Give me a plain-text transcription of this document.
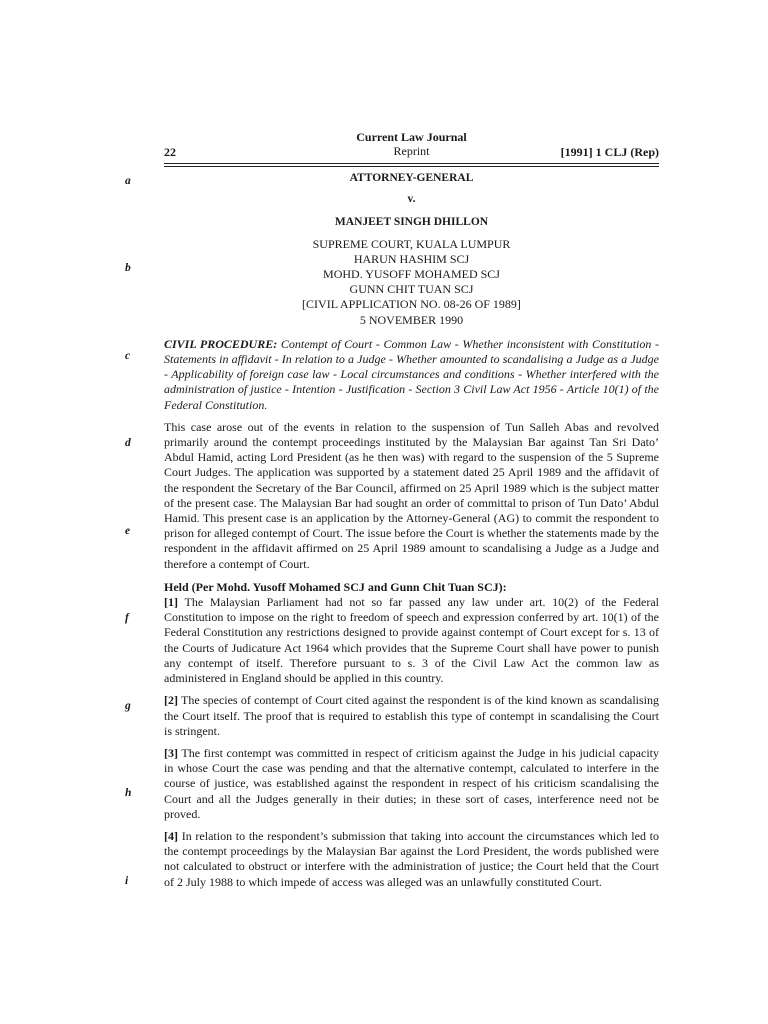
Current Law Journal
Reprint
22	[1991] 1 CLJ (Rep)
a
b
c
d
e
f
g
h
i
ATTORNEY-GENERAL
v.
MANJEET SINGH DHILLON
SUPREME COURT, KUALA LUMPUR
HARUN HASHIM SCJ
MOHD. YUSOFF MOHAMED SCJ
GUNN CHIT TUAN SCJ
[CIVIL APPLICATION NO. 08-26 OF 1989]
5 NOVEMBER 1990
CIVIL PROCEDURE: Contempt of Court - Common Law - Whether inconsistent with Constitution - Statements in affidavit - In relation to a Judge - Whether amounted to scandalising a Judge as a Judge - Applicability of foreign case law - Local circumstances and conditions - Whether interfered with the administration of justice - Intention - Justification - Section 3 Civil Law Act 1956 - Article 10(1) of the Federal Constitution.

This case arose out of the events in relation to the suspension of Tun Salleh Abas and revolved primarily around the contempt proceedings instituted by the Malaysian Bar against Tan Sri Dato’ Abdul Hamid, acting Lord President (as he then was) with regard to the suspension of the 5 Supreme Court Judges. The application was supported by a statement dated 25 April 1989 and the affidavit of the respondent the Secretary of the Bar Council, affirmed on 25 April 1989 which is the subject matter of the present case. The Malaysian Bar had sought an order of committal to prison of Tun Dato’ Abdul Hamid. This present case is an application by the Attorney-General (AG) to commit the respondent to prison for alleged contempt of Court. The issue before the Court is whether the statements made by the respondent in the affidavit affirmed on 25 April 1989 amount to scandalising a Judge as a Judge and therefore a contempt of Court.

Held (Per Mohd. Yusoff Mohamed SCJ and Gunn Chit Tuan SCJ):

[1] The Malaysian Parliament had not so far passed any law under art. 10(2) of the Federal Constitution to impose on the right to freedom of speech and expression conferred by art. 10(1) of the Federal Constitution any restrictions designed to provide against contempt of Court except for s. 13 of the Courts of Judicature Act 1964 which provides that the Supreme Court shall have power to punish any contempt of itself. Therefore pursuant to s. 3 of the Civil Law Act the common law as administered in England should be applied in this country.

[2] The species of contempt of Court cited against the respondent is of the kind known as scandalising the Court itself. The proof that is required to establish this type of contempt in scandalising the Court is stringent.

[3] The first contempt was committed in respect of criticism against the Judge in his judicial capacity in whose Court the case was pending and that the alternative contempt, calculated to interfere in the course of justice, was established against the respondent in respect of his criticism scandalising the Court and all the Judges generally in their duties; in these sort of cases, interference need not be proved.

[4] In relation to the respondent’s submission that taking into account the circumstances which led to the contempt proceedings by the Malaysian Bar against the Lord President, the words published were not calculated to obstruct or interfere with the administration of justice; the Court held that the Court of 2 July 1988 to which impede of access was alleged was an unlawfully constituted Court.
